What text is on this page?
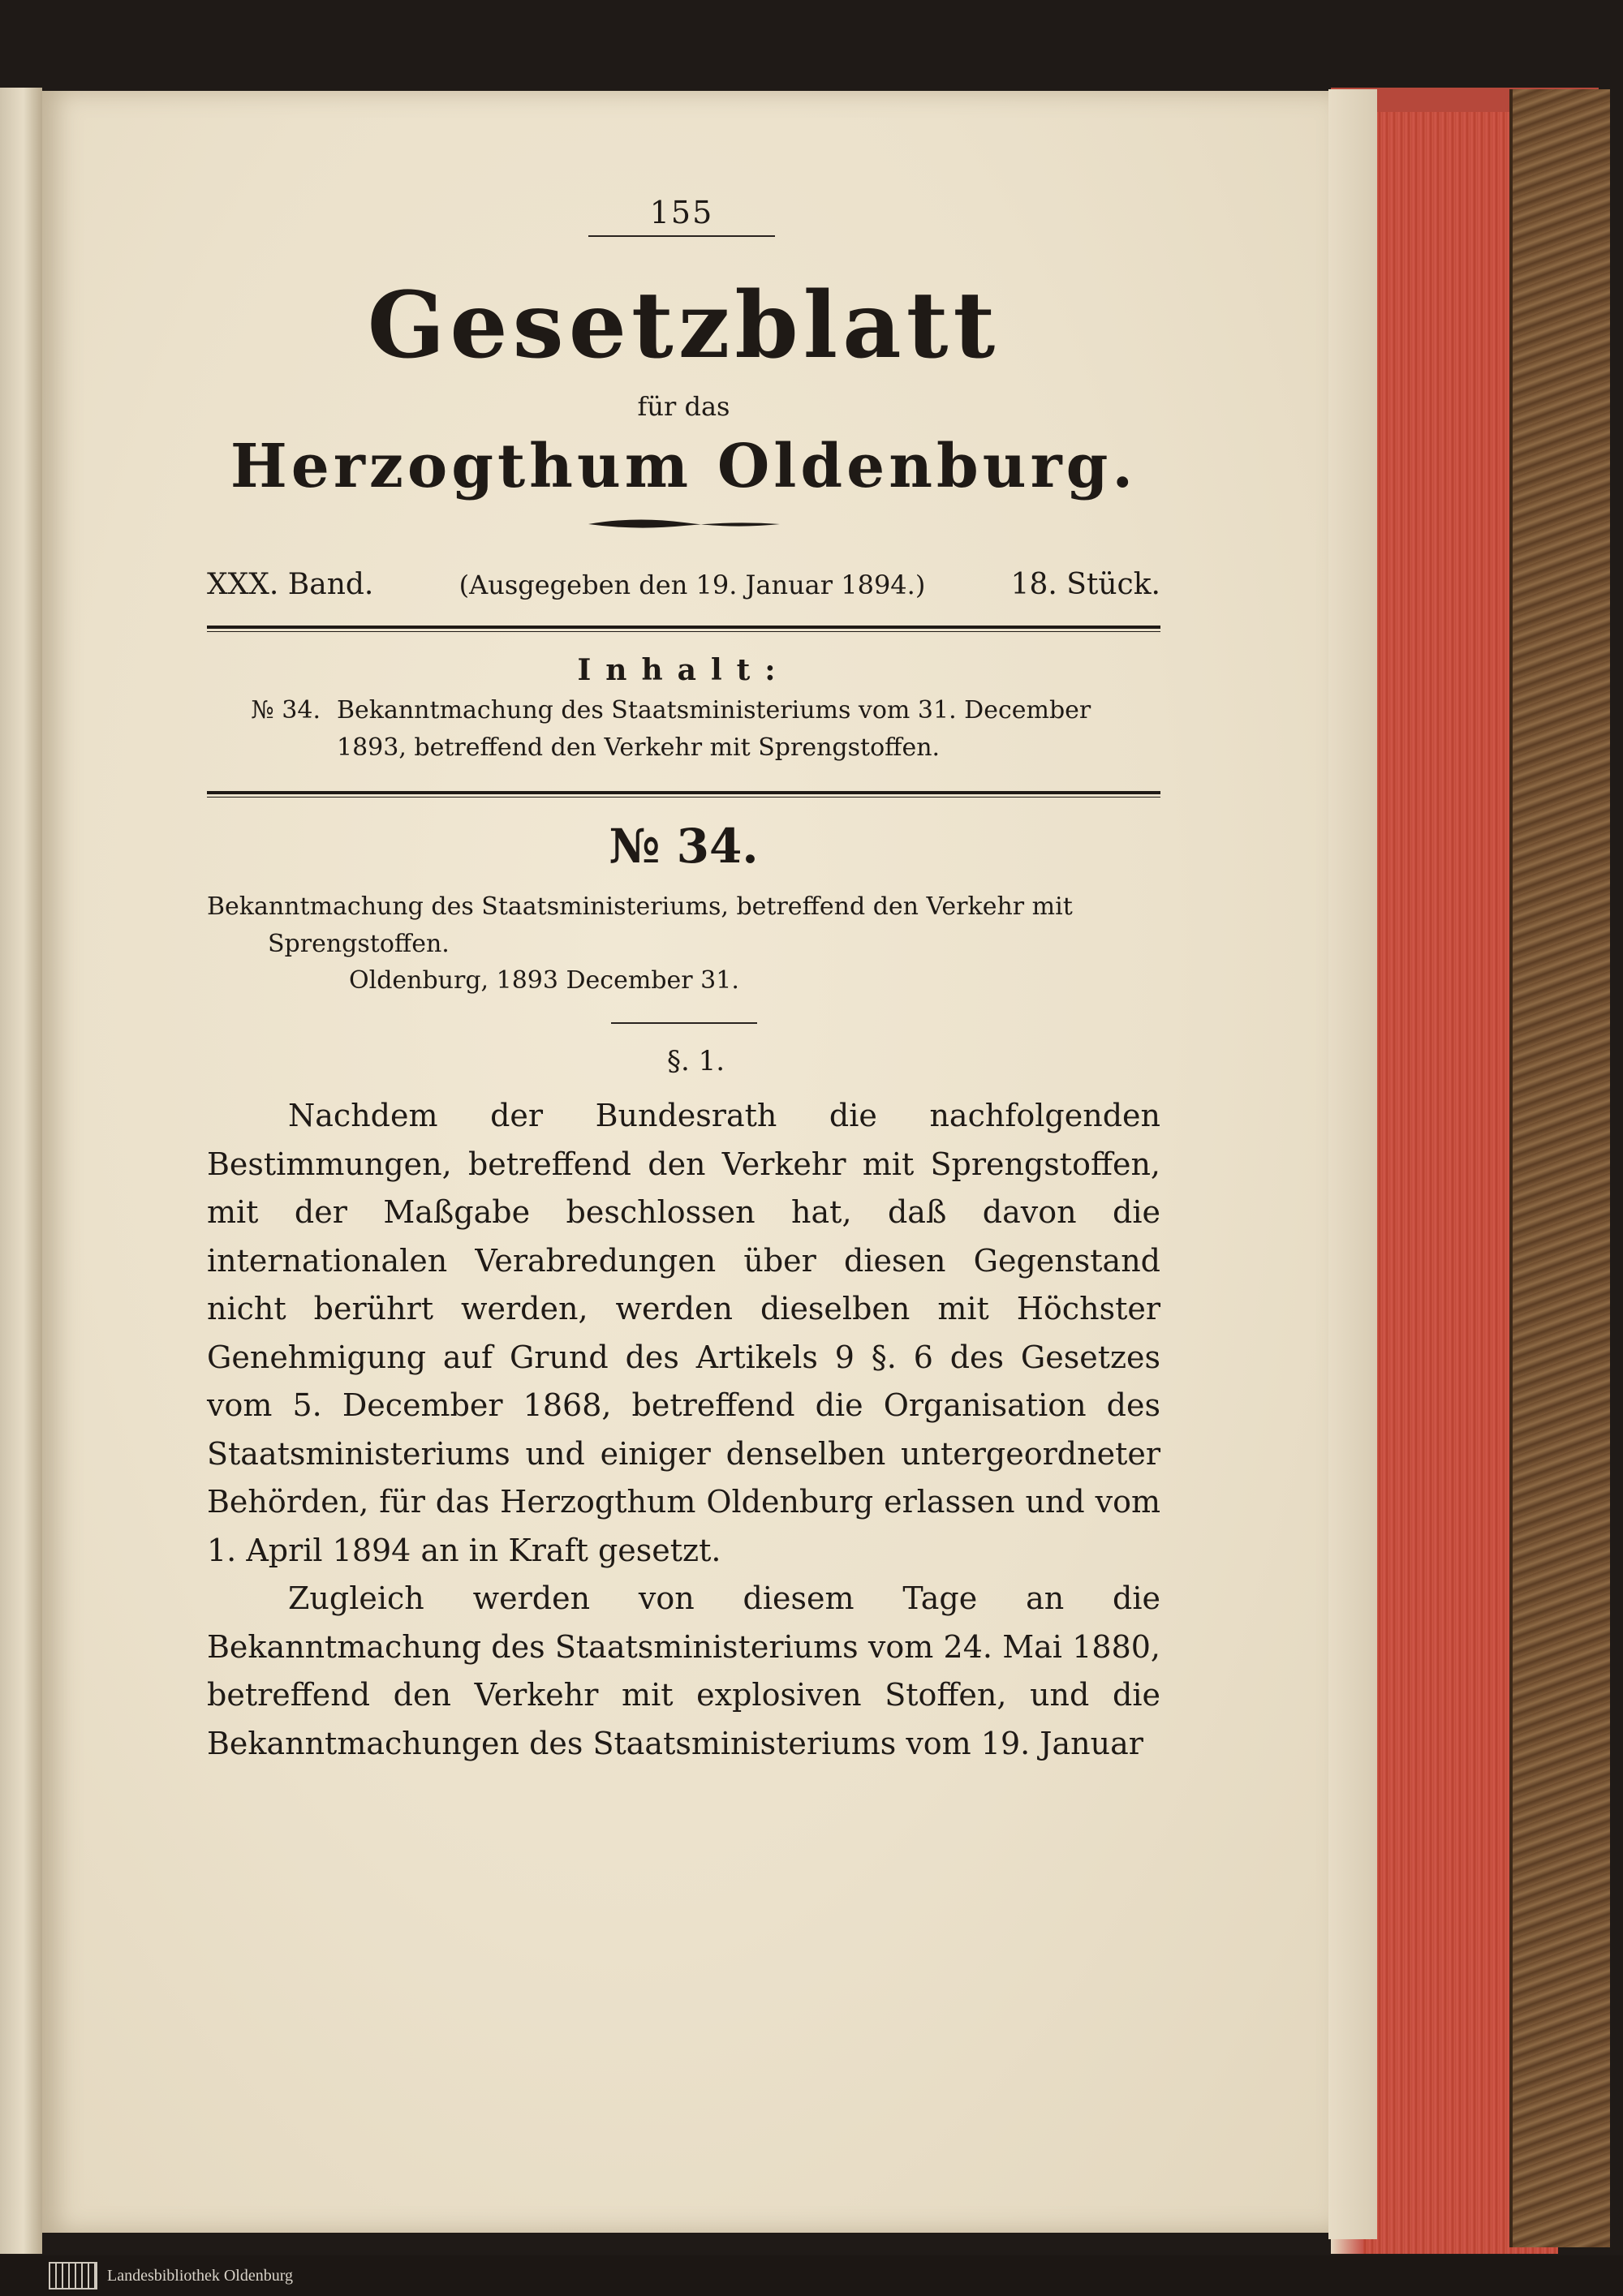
155
Gesetzblatt
für das
Herzogthum Oldenburg.
XXX. Band.	(Ausgegeben den 19. Januar 1894.)	18. Stück.
Inhalt:
№ 34. Bekanntmachung des Staatsministeriums vom 31. December 1893, betreffend den Verkehr mit Sprengstoffen.
№ 34.
Bekanntmachung des Staatsministeriums, betreffend den Verkehr mit
Sprengstoffen.
Oldenburg, 1893 December 31.
§. 1.

Nachdem der Bundesrath die nachfolgenden Bestimmungen, betreffend den Verkehr mit Sprengstoffen, mit der Maßgabe beschlossen hat, daß davon die internationalen Verabredungen über diesen Gegenstand nicht berührt werden, werden dieselben mit Höchster Genehmigung auf Grund des Artikels 9 §. 6 des Gesetzes vom 5. December 1868, betreffend die Organisation des Staatsministeriums und einiger denselben untergeordneter Behörden, für das Herzogthum Oldenburg erlassen und vom 1. April 1894 an in Kraft gesetzt.

Zugleich werden von diesem Tage an die Bekanntmachung des Staatsministeriums vom 24. Mai 1880, betreffend den Verkehr mit explosiven Stoffen, und die Bekanntmachungen des Staatsministeriums vom 19. Januar

Landesbibliothek Oldenburg
